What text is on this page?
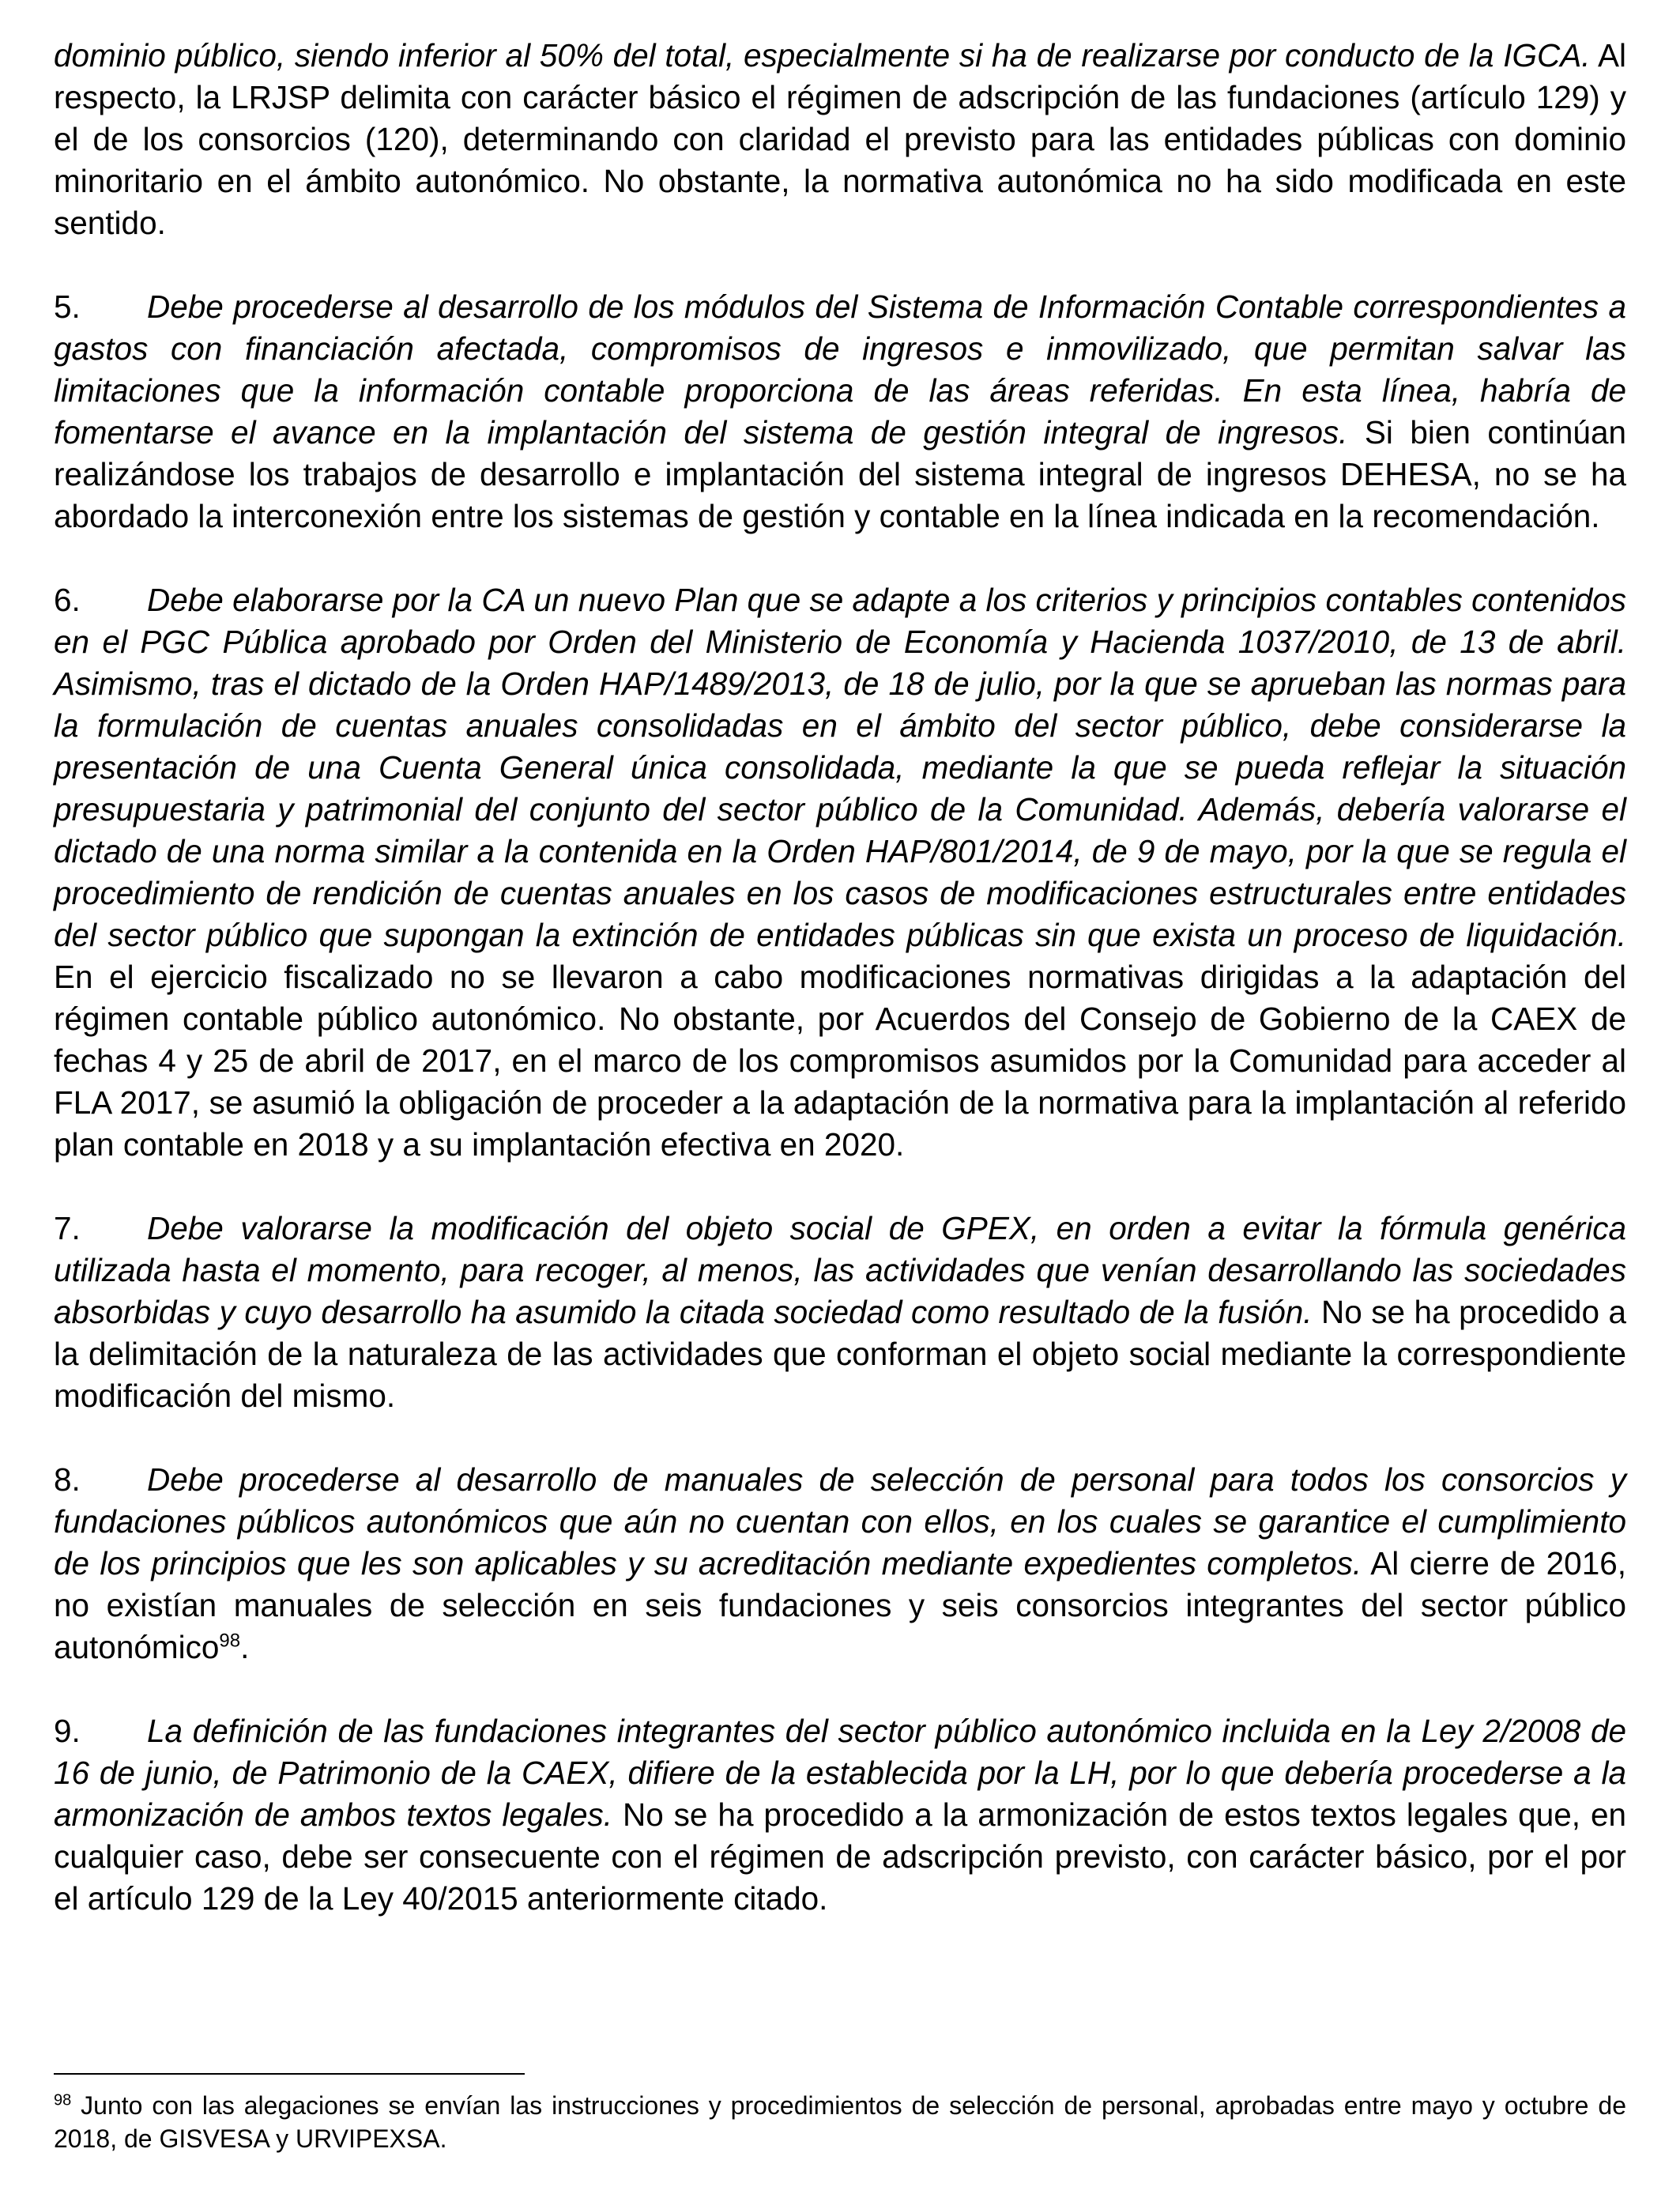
dominio público, siendo inferior al 50% del total, especialmente si ha de realizarse por conducto de la IGCA. Al respecto, la LRJSP delimita con carácter básico el régimen de adscripción de las fundaciones (artículo 129) y el de los consorcios (120), determinando con claridad el previsto para las entidades públicas con dominio minoritario en el ámbito autonómico. No obstante, la normativa autonómica no ha sido modificada en este sentido.

5. Debe procederse al desarrollo de los módulos del Sistema de Información Contable correspondientes a gastos con financiación afectada, compromisos de ingresos e inmovilizado, que permitan salvar las limitaciones que la información contable proporciona de las áreas referidas. En esta línea, habría de fomentarse el avance en la implantación del sistema de gestión integral de ingresos. Si bien continúan realizándose los trabajos de desarrollo e implantación del sistema integral de ingresos DEHESA, no se ha abordado la interconexión entre los sistemas de gestión y contable en la línea indicada en la recomendación.

6. Debe elaborarse por la CA un nuevo Plan que se adapte a los criterios y principios contables contenidos en el PGC Pública aprobado por Orden del Ministerio de Economía y Hacienda 1037/2010, de 13 de abril. Asimismo, tras el dictado de la Orden HAP/1489/2013, de 18 de julio, por la que se aprueban las normas para la formulación de cuentas anuales consolidadas en el ámbito del sector público, debe considerarse la presentación de una Cuenta General única consolidada, mediante la que se pueda reflejar la situación presupuestaria y patrimonial del conjunto del sector público de la Comunidad. Además, debería valorarse el dictado de una norma similar a la contenida en la Orden HAP/801/2014, de 9 de mayo, por la que se regula el procedimiento de rendición de cuentas anuales en los casos de modificaciones estructurales entre entidades del sector público que supongan la extinción de entidades públicas sin que exista un proceso de liquidación. En el ejercicio fiscalizado no se llevaron a cabo modificaciones normativas dirigidas a la adaptación del régimen contable público autonómico. No obstante, por Acuerdos del Consejo de Gobierno de la CAEX de fechas 4 y 25 de abril de 2017, en el marco de los compromisos asumidos por la Comunidad para acceder al FLA 2017, se asumió la obligación de proceder a la adaptación de la normativa para la implantación al referido plan contable en 2018 y a su implantación efectiva en 2020.

7. Debe valorarse la modificación del objeto social de GPEX, en orden a evitar la fórmula genérica utilizada hasta el momento, para recoger, al menos, las actividades que venían desarrollando las sociedades absorbidas y cuyo desarrollo ha asumido la citada sociedad como resultado de la fusión. No se ha procedido a la delimitación de la naturaleza de las actividades que conforman el objeto social mediante la correspondiente modificación del mismo.

8. Debe procederse al desarrollo de manuales de selección de personal para todos los consorcios y fundaciones públicos autonómicos que aún no cuentan con ellos, en los cuales se garantice el cumplimiento de los principios que les son aplicables y su acreditación mediante expedientes completos. Al cierre de 2016, no existían manuales de selección en seis fundaciones y seis consorcios integrantes del sector público autonómico$^{98}$.

9. La definición de las fundaciones integrantes del sector público autonómico incluida en la Ley 2/2008 de 16 de junio, de Patrimonio de la CAEX, difiere de la establecida por la LH, por lo que debería procederse a la armonización de ambos textos legales. No se ha procedido a la armonización de estos textos legales que, en cualquier caso, debe ser consecuente con el régimen de adscripción previsto, con carácter básico, por el por el artículo 129 de la Ley 40/2015 anteriormente citado.

$^{98}$ Junto con las alegaciones se envían las instrucciones y procedimientos de selección de personal, aprobadas entre mayo y octubre de 2018, de GISVESA y URVIPEXSA.
